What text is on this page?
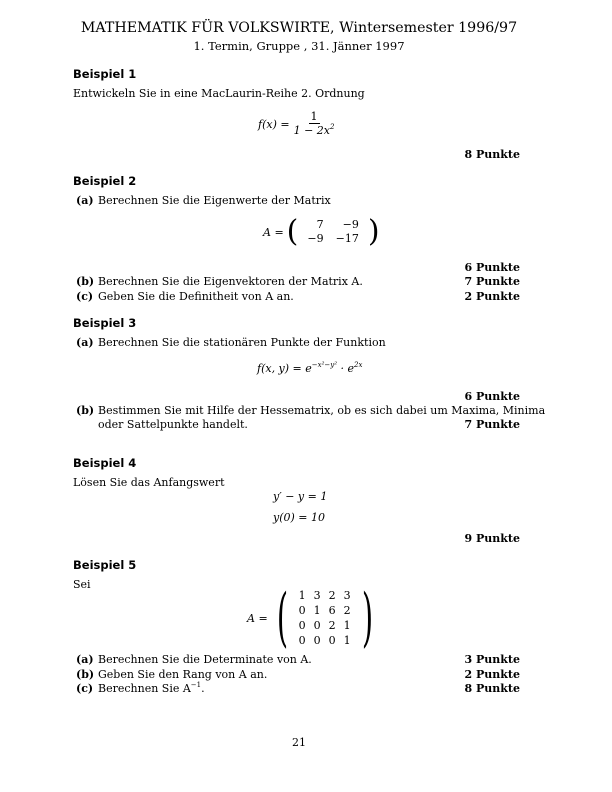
MATHEMATIK FÜR VOLKSWIRTE, Wintersemester 1996/97
1. Termin, Gruppe , 31. Jänner 1997
Beispiel 1
Entwickeln Sie in eine MacLaurin-Reihe 2. Ordnung
$f(x) = \frac{1}{1 - 2x^2}$
8 Punkte
Beispiel 2
(a) Berechnen Sie die Eigenwerte der Matrix
A = ( 7	−9
−9	−17 )
6 Punkte
(b) Berechnen Sie die Eigenvektoren der Matrix A.	7 Punkte
(c) Geben Sie die Definitheit von A an.	2 Punkte
Beispiel 3
(a) Berechnen Sie die stationären Punkte der Funktion
f(x, $y) = e^{-x^2-y^2} \cdot e^{2x}$
6 Punkte
(b) Bestimmen Sie mit Hilfe der Hessematrix, ob es sich dabei um Maxima, Minima
oder Sattelpunkte handelt.	7 Punkte
Beispiel 4
Lösen Sie das Anfangswert
y′ − y = 1
y(0) = 10
9 Punkte
Beispiel 5
Sei
A = ( 1	3	2	3
0	1	6	2
0	0	2	1
0	0	0	1 )
(a) Berechnen Sie die Determinate von A.	3 Punkte
(b) Geben Sie den Rang von A an.	2 Punkte
(c) Berechnen Sie $A^{-1}$.	8 Punkte
21
